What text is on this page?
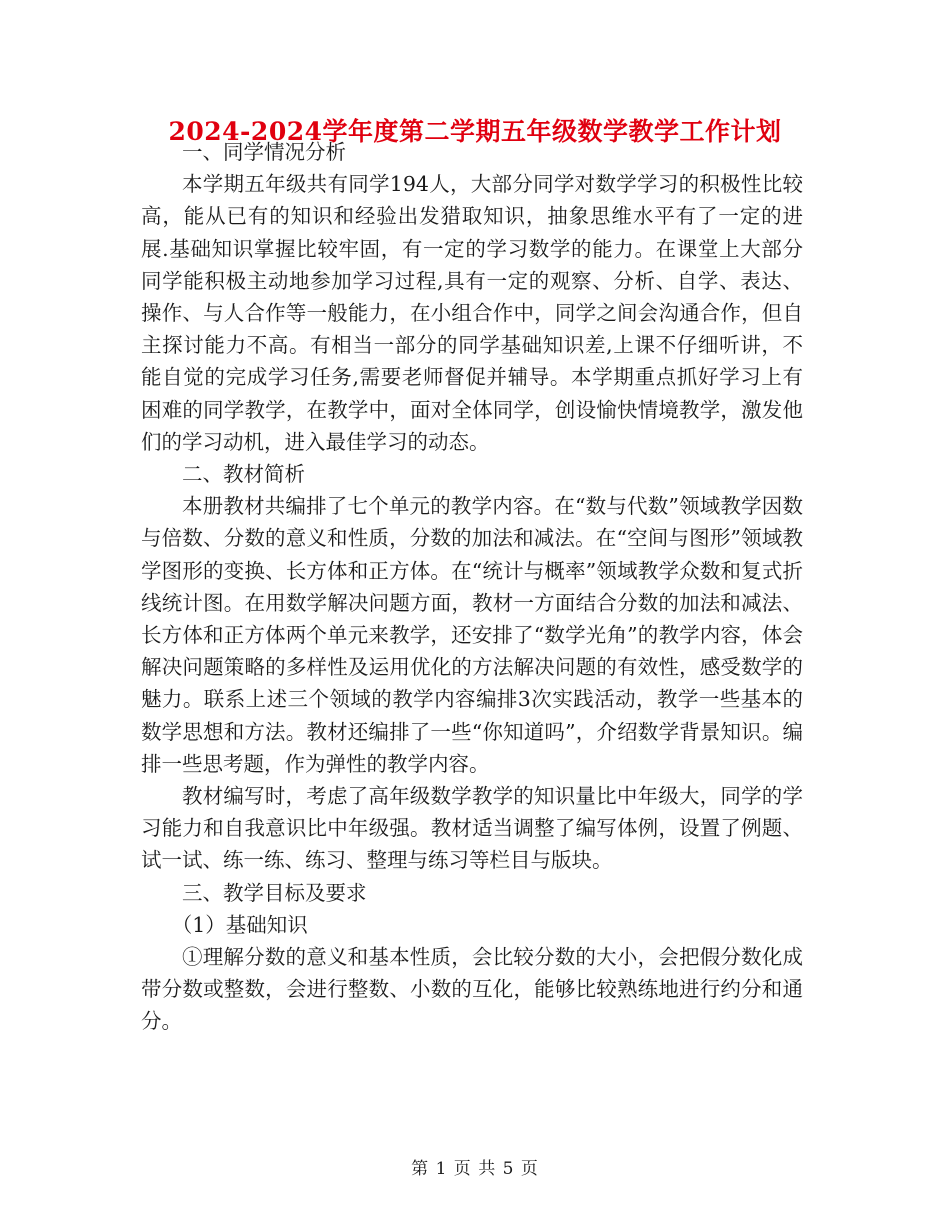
2024-2024学年度第二学期五年级数学教学工作计划

一、同学情况分析

本学期五年级共有同学194人，大部分同学对数学学习的积极性比较高，能从已有的知识和经验出发猎取知识，抽象思维水平有了一定的进展.基础知识掌握比较牢固，有一定的学习数学的能力。在课堂上大部分同学能积极主动地参加学习过程,具有一定的观察、分析、自学、表达、操作、与人合作等一般能力，在小组合作中，同学之间会沟通合作，但自主探讨能力不高。有相当一部分的同学基础知识差,上课不仔细听讲，不能自觉的完成学习任务,需要老师督促并辅导。本学期重点抓好学习上有困难的同学教学，在教学中，面对全体同学，创设愉快情境教学，激发他们的学习动机，进入最佳学习的动态。

二、教材简析

本册教材共编排了七个单元的教学内容。在“数与代数”领域教学因数与倍数、分数的意义和性质，分数的加法和减法。在“空间与图形”领域教学图形的变换、长方体和正方体。在“统计与概率”领域教学众数和复式折线统计图。在用数学解决问题方面，教材一方面结合分数的加法和减法、长方体和正方体两个单元来教学，还安排了“数学光角”的教学内容，体会解决问题策略的多样性及运用优化的方法解决问题的有效性，感受数学的魅力。联系上述三个领域的教学内容编排3次实践活动，教学一些基本的数学思想和方法。教材还编排了一些“你知道吗”，介绍数学背景知识。编排一些思考题，作为弹性的教学内容。

教材编写时，考虑了高年级数学教学的知识量比中年级大，同学的学习能力和自我意识比中年级强。教材适当调整了编写体例，设置了例题、试一试、练一练、练习、整理与练习等栏目与版块。

三、教学目标及要求

（1）基础知识

①理解分数的意义和基本性质，会比较分数的大小，会把假分数化成带分数或整数，会进行整数、小数的互化，能够比较熟练地进行约分和通分。

第 1 页 共 5 页
